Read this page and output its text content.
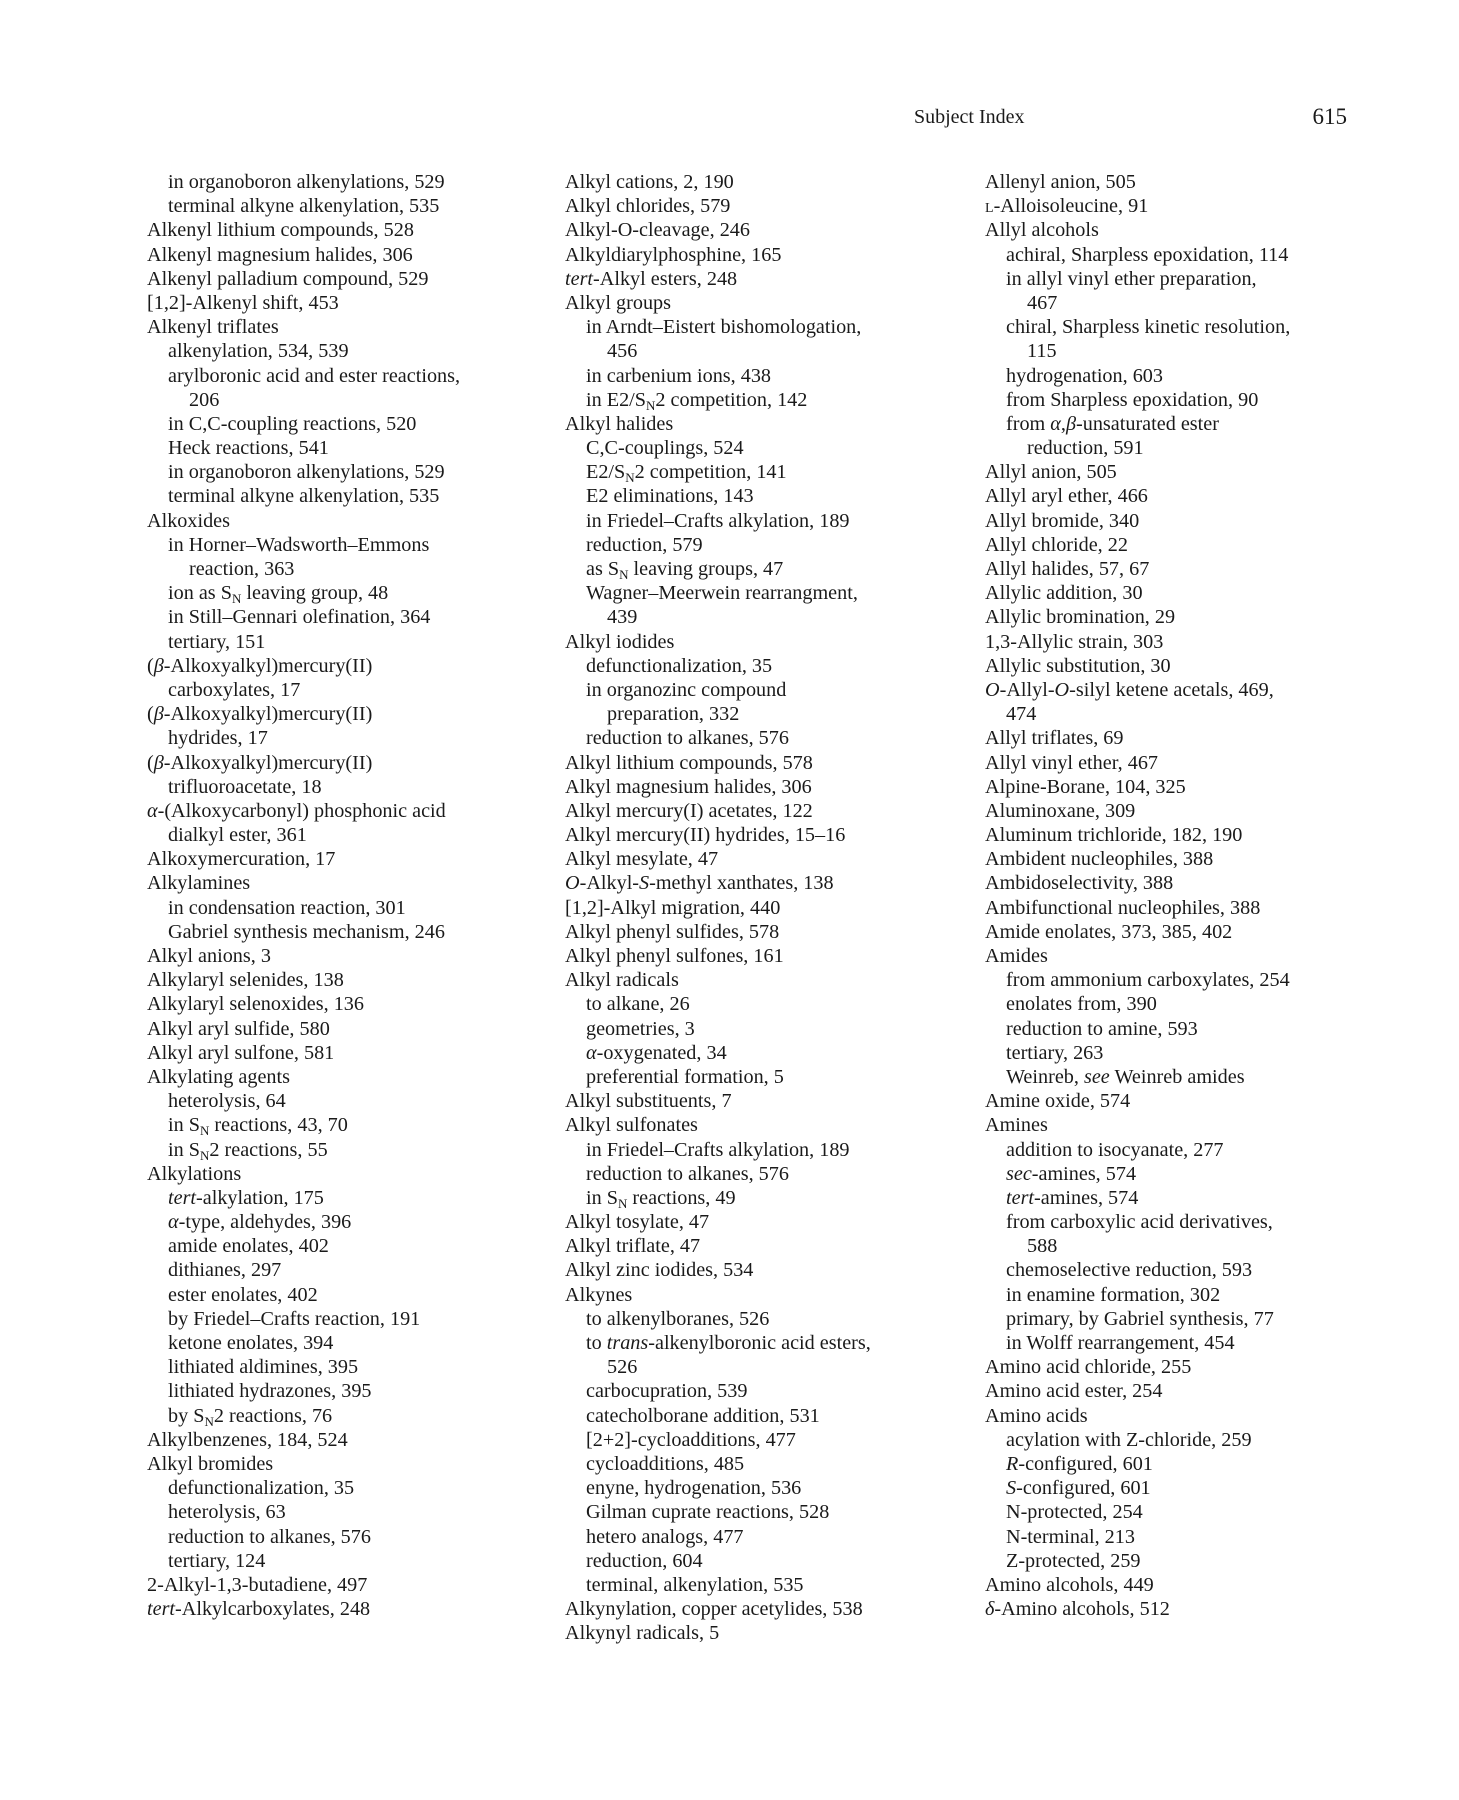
Subject Index	615
in organoboron alkenylations, 529
terminal alkyne alkenylation, 535
Alkenyl lithium compounds, 528
Alkenyl magnesium halides, 306
Alkenyl palladium compound, 529
[1,2]-Alkenyl shift, 453
Alkenyl triflates
alkenylation, 534, 539
arylboronic acid and ester reactions,
206
in C,C-coupling reactions, 520
Heck reactions, 541
in organoboron alkenylations, 529
terminal alkyne alkenylation, 535
Alkoxides
in Horner–Wadsworth–Emmons
reaction, 363
ion as $S_N$ leaving group, 48
in Still–Gennari olefination, 364
tertiary, 151
(β-Alkoxyalkyl)mercury(II)
carboxylates, 17
(β-Alkoxyalkyl)mercury(II)
hydrides, 17
(β-Alkoxyalkyl)mercury(II)
trifluoroacetate, 18
α-(Alkoxycarbonyl) phosphonic acid
dialkyl ester, 361
Alkoxymercuration, 17
Alkylamines
in condensation reaction, 301
Gabriel synthesis mechanism, 246
Alkyl anions, 3
Alkylaryl selenides, 138
Alkylaryl selenoxides, 136
Alkyl aryl sulfide, 580
Alkyl aryl sulfone, 581
Alkylating agents
heterolysis, 64
in $S_N$ reactions, 43, 70
in $S_N2$ reactions, 55
Alkylations
tert-alkylation, 175
α-type, aldehydes, 396
amide enolates, 402
dithianes, 297
ester enolates, 402
by Friedel–Crafts reaction, 191
ketone enolates, 394
lithiated aldimines, 395
lithiated hydrazones, 395
by $S_N2$ reactions, 76
Alkylbenzenes, 184, 524
Alkyl bromides
defunctionalization, 35
heterolysis, 63
reduction to alkanes, 576
tertiary, 124
2-Alkyl-1,3-butadiene, 497
tert-Alkylcarboxylates, 248
Alkyl cations, 2, 190
Alkyl chlorides, 579
Alkyl-O-cleavage, 246
Alkyldiarylphosphine, 165
tert-Alkyl esters, 248
Alkyl groups
in Arndt–Eistert bishomologation,
456
in carbenium ions, 438
in $E2/S_N2$ competition, 142
Alkyl halides
C,C-couplings, 524
$E2/S_N2$ competition, 141
E2 eliminations, 143
in Friedel–Crafts alkylation, 189
reduction, 579
as $S_N$ leaving groups, 47
Wagner–Meerwein rearrangment,
439
Alkyl iodides
defunctionalization, 35
in organozinc compound
preparation, 332
reduction to alkanes, 576
Alkyl lithium compounds, 578
Alkyl magnesium halides, 306
Alkyl mercury(I) acetates, 122
Alkyl mercury(II) hydrides, 15–16
Alkyl mesylate, 47
O-Alkyl-S-methyl xanthates, 138
[1,2]-Alkyl migration, 440
Alkyl phenyl sulfides, 578
Alkyl phenyl sulfones, 161
Alkyl radicals
to alkane, 26
geometries, 3
α-oxygenated, 34
preferential formation, 5
Alkyl substituents, 7
Alkyl sulfonates
in Friedel–Crafts alkylation, 189
reduction to alkanes, 576
in $S_N$ reactions, 49
Alkyl tosylate, 47
Alkyl triflate, 47
Alkyl zinc iodides, 534
Alkynes
to alkenylboranes, 526
to trans-alkenylboronic acid esters,
526
carbocupration, 539
catecholborane addition, 531
[2+2]-cycloadditions, 477
cycloadditions, 485
enyne, hydrogenation, 536
Gilman cuprate reactions, 528
hetero analogs, 477
reduction, 604
terminal, alkenylation, 535
Alkynylation, copper acetylides, 538
Alkynyl radicals, 5
Allenyl anion, 505
L-Alloisoleucine, 91
Allyl alcohols
achiral, Sharpless epoxidation, 114
in allyl vinyl ether preparation,
467
chiral, Sharpless kinetic resolution,
115
hydrogenation, 603
from Sharpless epoxidation, 90
from α,β-unsaturated ester
reduction, 591
Allyl anion, 505
Allyl aryl ether, 466
Allyl bromide, 340
Allyl chloride, 22
Allyl halides, 57, 67
Allylic addition, 30
Allylic bromination, 29
1,3-Allylic strain, 303
Allylic substitution, 30
O-Allyl-O-silyl ketene acetals, 469,
474
Allyl triflates, 69
Allyl vinyl ether, 467
Alpine-Borane, 104, 325
Aluminoxane, 309
Aluminum trichloride, 182, 190
Ambident nucleophiles, 388
Ambidoselectivity, 388
Ambifunctional nucleophiles, 388
Amide enolates, 373, 385, 402
Amides
from ammonium carboxylates, 254
enolates from, 390
reduction to amine, 593
tertiary, 263
Weinreb, see Weinreb amides
Amine oxide, 574
Amines
addition to isocyanate, 277
sec-amines, 574
tert-amines, 574
from carboxylic acid derivatives,
588
chemoselective reduction, 593
in enamine formation, 302
primary, by Gabriel synthesis, 77
in Wolff rearrangement, 454
Amino acid chloride, 255
Amino acid ester, 254
Amino acids
acylation with Z-chloride, 259
R-configured, 601
S-configured, 601
N-protected, 254
N-terminal, 213
Z-protected, 259
Amino alcohols, 449
δ-Amino alcohols, 512
